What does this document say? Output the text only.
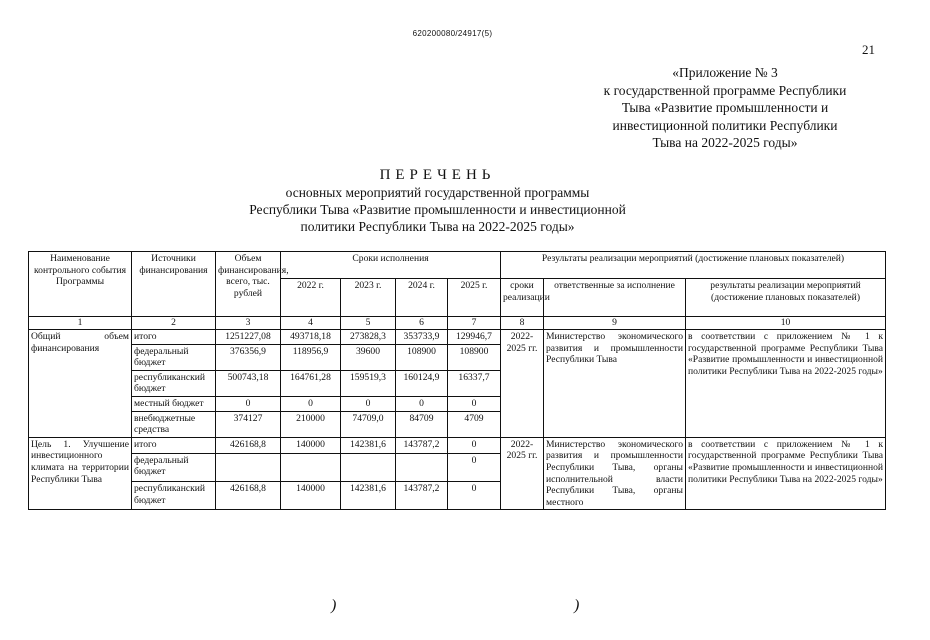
620200080/24917(5)
21
«Приложение № 3
к государственной программе Республики
Тыва «Развитие промышленности и
инвестиционной политики Республики
Тыва на 2022-2025 годы»
ПЕРЕЧЕНЬ
основных мероприятий государственной программы
Республики Тыва «Развитие промышленности и инвестиционной
политики Республики Тыва на 2022-2025 годы»
Наименование контрольного события Программы	Источники финансирования	Объем финансирования, всего, тыс. рублей	Сроки исполнения				Результаты реализации мероприятий (достижение плановых показателей)		
			2022 г.	2023 г.	2024 г.	2025 г.	сроки реализации	ответственные за исполнение	результаты реализации мероприятий (достижение плановых показателей)
1	2	3	4	5	6	7	8	9	10
Общий объем финансирования	итого	1251227,08	493718,18	273828,3	353733,9	129946,7	2022-2025 гг.	Министерство экономического развития и промышленности Республики Тыва	в соответствии с приложением № 1 к государственной программе Республики Тыва «Развитие промышленности и инвестиционной политики Республики Тыва на 2022-2025 годы»
	федеральный бюджет	376356,9	118956,9	39600	108900	108900			
	республиканский бюджет	500743,18	164761,28	159519,3	160124,9	16337,7			
	местный бюджет	0	0	0	0	0			
	внебюджетные средства	374127	210000	74709,0	84709	4709			
Цель 1. Улучшение инвестиционного климата на территории Республики Тыва	итого	426168,8	140000	142381,6	143787,2	0	2022-2025 гг.	Министерство экономического развития и промышленности Республики Тыва, органы исполнительной власти Республики Тыва, органы местного	в соответствии с приложением № 1 к государственной программе Республики Тыва «Развитие промышленности и инвестиционной политики Республики Тыва на 2022-2025 годы»
	федеральный бюджет					0			
	республиканский бюджет	426168,8	140000	142381,6	143787,2	0			
)	)
